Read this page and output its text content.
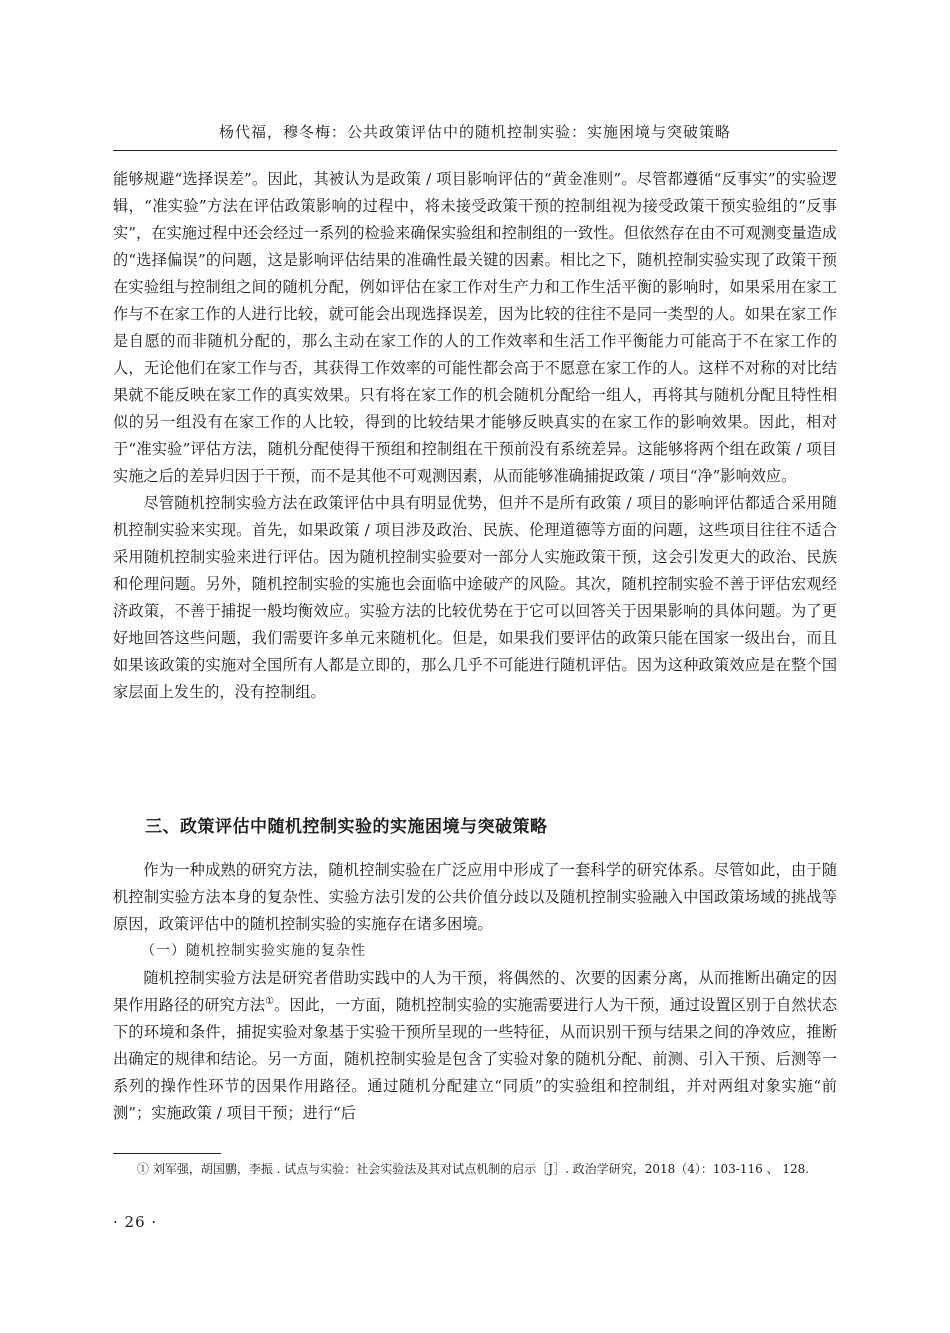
杨代福，穆冬梅：公共政策评估中的随机控制实验：实施困境与突破策略

能够规避“选择误差”。因此，其被认为是政策 / 项目影响评估的“黄金准则”。尽管都遵循“反事实”的实验逻辑，“准实验”方法在评估政策影响的过程中，将未接受政策干预的控制组视为接受政策干预实验组的“反事实”，在实施过程中还会经过一系列的检验来确保实验组和控制组的一致性。但依然存在由不可观测变量造成的“选择偏误”的问题，这是影响评估结果的准确性最关键的因素。相比之下，随机控制实验实现了政策干预在实验组与控制组之间的随机分配，例如评估在家工作对生产力和工作生活平衡的影响时，如果采用在家工作与不在家工作的人进行比较，就可能会出现选择误差，因为比较的往往不是同一类型的人。如果在家工作是自愿的而非随机分配的，那么主动在家工作的人的工作效率和生活工作平衡能力可能高于不在家工作的人，无论他们在家工作与否，其获得工作效率的可能性都会高于不愿意在家工作的人。这样不对称的对比结果就不能反映在家工作的真实效果。只有将在家工作的机会随机分配给一组人，再将其与随机分配且特性相似的另一组没有在家工作的人比较，得到的比较结果才能够反映真实的在家工作的影响效果。因此，相对于“准实验”评估方法，随机分配使得干预组和控制组在干预前没有系统差异。这能够将两个组在政策 / 项目实施之后的差异归因于干预，而不是其他不可观测因素，从而能够准确捕捉政策 / 项目“净”影响效应。

尽管随机控制实验方法在政策评估中具有明显优势，但并不是所有政策 / 项目的影响评估都适合采用随机控制实验来实现。首先，如果政策 / 项目涉及政治、民族、伦理道德等方面的问题，这些项目往往不适合采用随机控制实验来进行评估。因为随机控制实验要对一部分人实施政策干预，这会引发更大的政治、民族和伦理问题。另外，随机控制实验的实施也会面临中途破产的风险。其次，随机控制实验不善于评估宏观经济政策，不善于捕捉一般均衡效应。实验方法的比较优势在于它可以回答关于因果影响的具体问题。为了更好地回答这些问题，我们需要许多单元来随机化。但是，如果我们要评估的政策只能在国家一级出台，而且如果该政策的实施对全国所有人都是立即的，那么几乎不可能进行随机评估。因为这种政策效应是在整个国家层面上发生的，没有控制组。

三、政策评估中随机控制实验的实施困境与突破策略

作为一种成熟的研究方法，随机控制实验在广泛应用中形成了一套科学的研究体系。尽管如此，由于随机控制实验方法本身的复杂性、实验方法引发的公共价值分歧以及随机控制实验融入中国政策场域的挑战等原因，政策评估中的随机控制实验的实施存在诸多困境。

（一）随机控制实验实施的复杂性

随机控制实验方法是研究者借助实践中的人为干预，将偶然的、次要的因素分离，从而推断出确定的因果作用路径的研究方法①。因此，一方面，随机控制实验的实施需要进行人为干预，通过设置区别于自然状态下的环境和条件，捕捉实验对象基于实验干预所呈现的一些特征，从而识别干预与结果之间的净效应，推断出确定的规律和结论。另一方面，随机控制实验是包含了实验对象的随机分配、前测、引入干预、后测等一系列的操作性环节的因果作用路径。通过随机分配建立“同质”的实验组和控制组，并对两组对象实施“前测”；实施政策 / 项目干预；进行“后

① 刘军强，胡国鹏，李振 . 试点与实验：社会实验法及其对试点机制的启示［J］. 政治学研究，2018（4）：103-116 、 128.

· 26 ·
